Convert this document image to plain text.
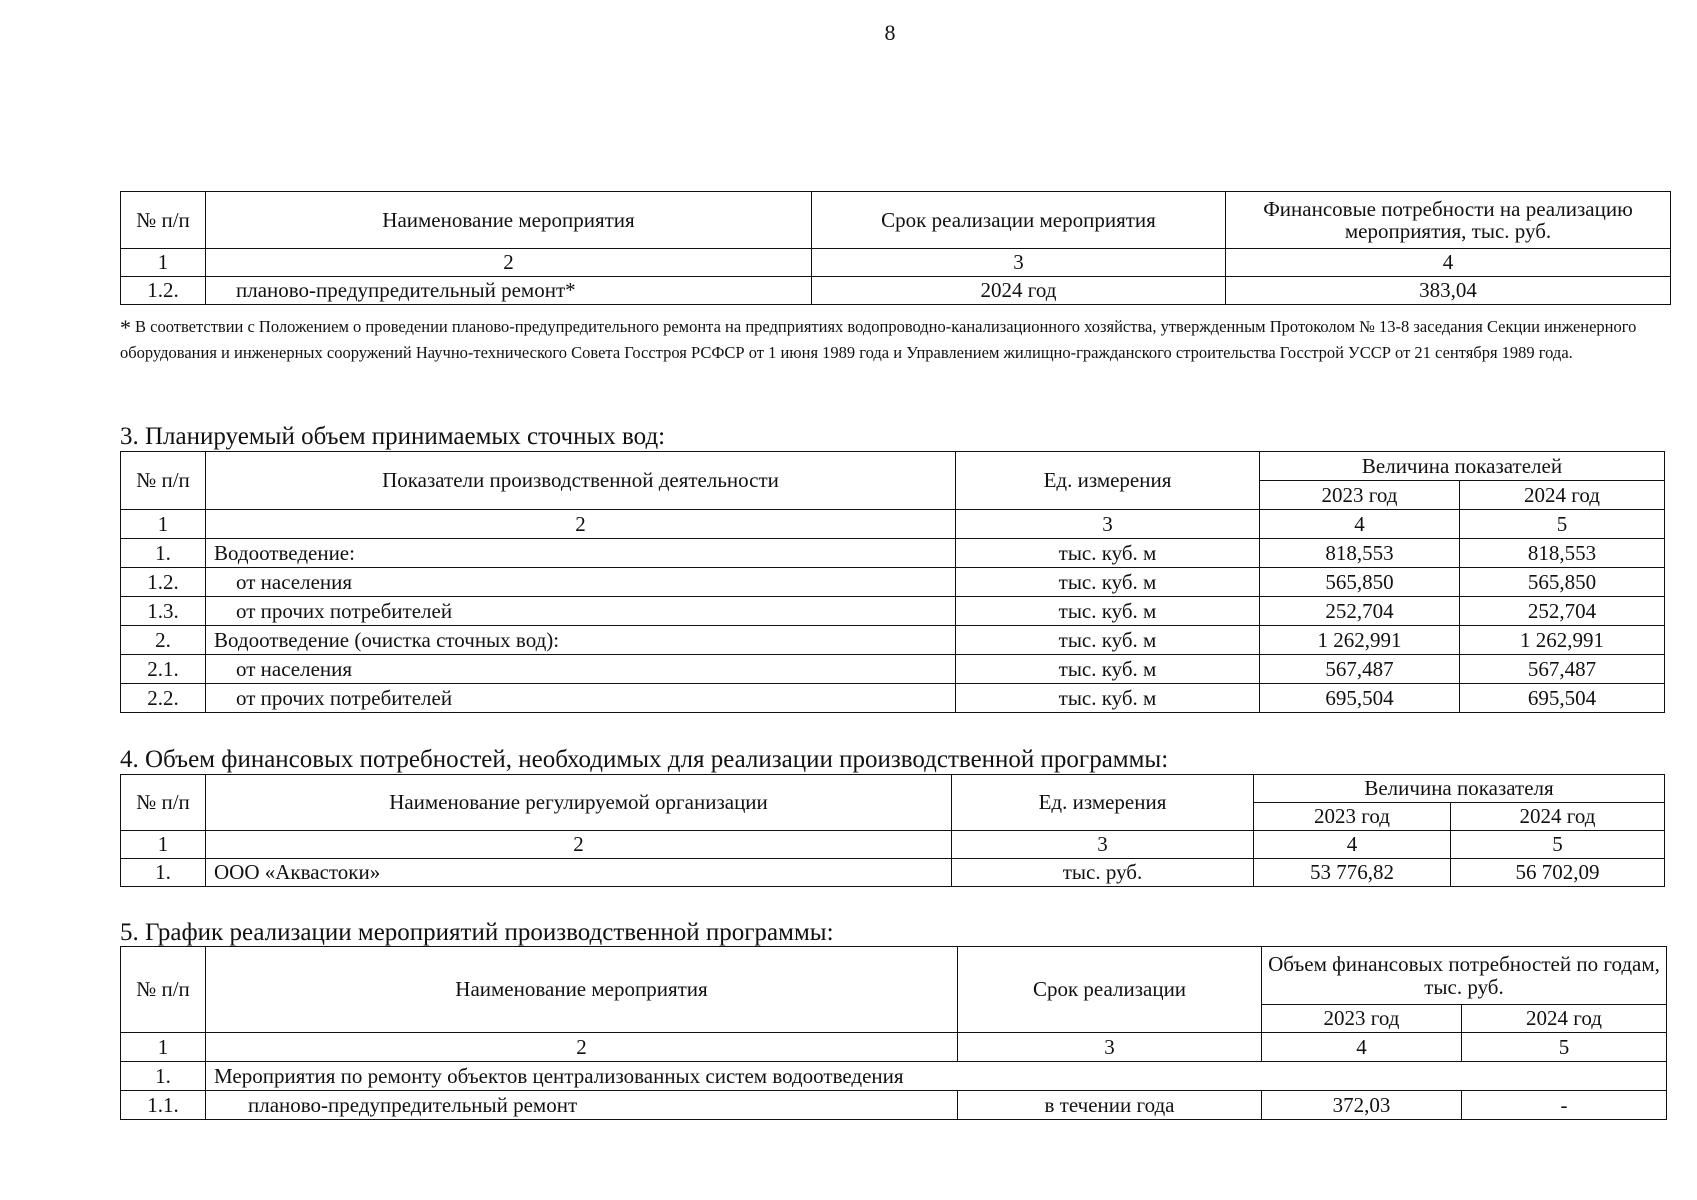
8
№ п/п	Наименование мероприятия	Срок реализации мероприятия	Финансовые потребности на реализацию мероприятия, тыс. руб.
1	2	3	4
1.2.	планово-предупредительный ремонт*	2024 год	383,04
* В соответствии с Положением о проведении планово-предупредительного ремонта на предприятиях водопроводно-канализационного хозяйства, утвержденным Протоколом № 13-8 заседания Секции инженерного оборудования и инженерных сооружений Научно-технического Совета Госстроя РСФСР от 1 июня 1989 года и Управлением жилищно-гражданского строительства Госстрой УССР от 21 сентября 1989 года.
3. Планируемый объем принимаемых сточных вод:
№ п/п	Показатели производственной деятельности	Ед. измерения	Величина показателей	
			2023 год	2024 год
1	2	3	4	5
1.	Водоотведение:	тыс. куб. м	818,553	818,553
1.2.	от населения	тыс. куб. м	565,850	565,850
1.3.	от прочих потребителей	тыс. куб. м	252,704	252,704
2.	Водоотведение (очистка сточных вод):	тыс. куб. м	1 262,991	1 262,991
2.1.	от населения	тыс. куб. м	567,487	567,487
2.2.	от прочих потребителей	тыс. куб. м	695,504	695,504
4. Объем финансовых потребностей, необходимых для реализации производственной программы:
№ п/п	Наименование регулируемой организации	Ед. измерения	Величина показателя	
			2023 год	2024 год
1	2	3	4	5
1.	ООО «Аквастоки»	тыс. руб.	53 776,82	56 702,09
5. График реализации мероприятий производственной программы:
№ п/п	Наименование мероприятия	Срок реализации	Объем финансовых потребностей по годам, тыс. руб.	
			2023 год	2024 год
1	2	3	4	5
1.	Мероприятия по ремонту объектов централизованных систем водоотведения			
1.1.	планово-предупредительный ремонт	в течении года	372,03	-
